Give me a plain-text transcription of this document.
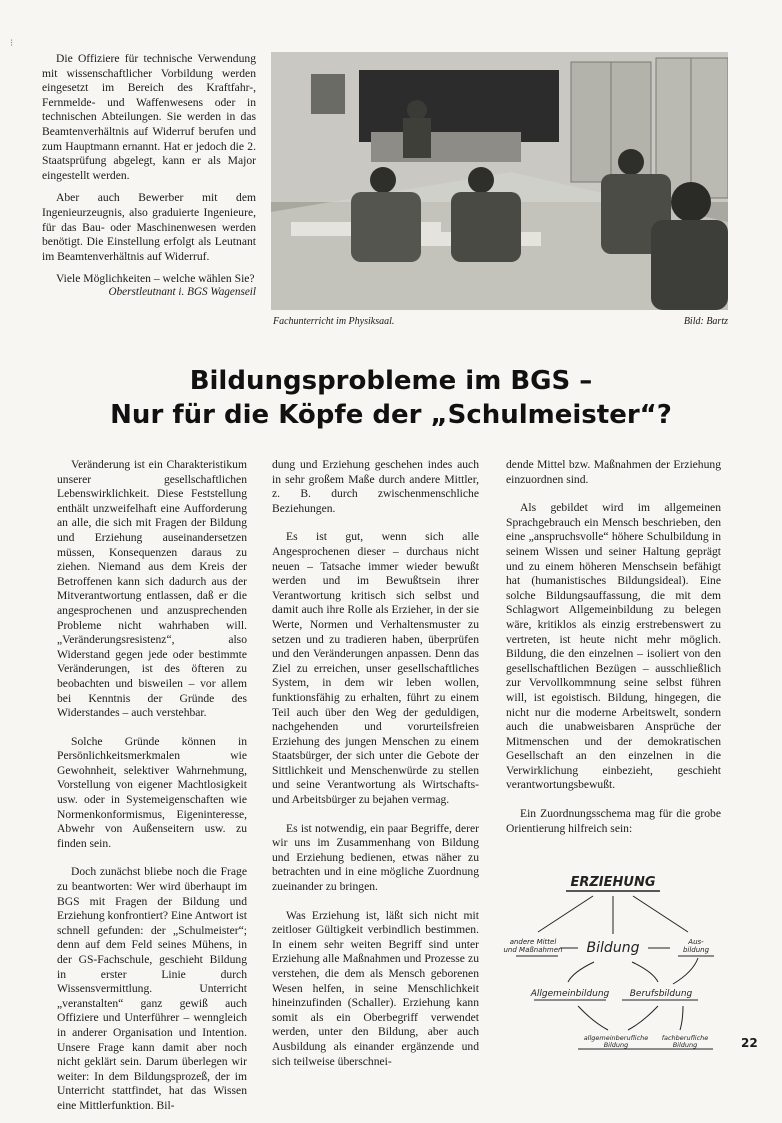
⁝

Die Offiziere für technische Verwendung mit wissenschaftlicher Vorbildung werden eingesetzt im Bereich des Kraftfahr-, Fernmelde- und Waffenwesens oder in technischen Abteilungen. Sie werden in das Beamtenverhältnis auf Widerruf berufen und zum Hauptmann ernannt. Hat er jedoch die 2. Staatsprüfung abgelegt, kann er als Major eingestellt werden.

Aber auch Bewerber mit dem Ingenieurzeugnis, also graduierte Ingenieure, für das Bau- oder Maschinenwesen werden benötigt. Die Einstellung erfolgt als Leutnant im Beamtenverhältnis auf Widerruf.

Viele Möglichkeiten – welche wählen Sie?

Oberstleutnant i. BGS Wagenseil
Fachunterricht im Physiksaal.	Bild: Bartz
Bildungsprobleme im BGS –
Nur für die Köpfe der „Schulmeister“?

Veränderung ist ein Charakteristikum unserer gesellschaftlichen Lebenswirklichkeit. Diese Feststellung enthält unzweifelhaft eine Aufforderung an alle, die sich mit Fragen der Bildung und Erziehung auseinandersetzen müssen, Konsequenzen daraus zu ziehen. Niemand aus dem Kreis der Betroffenen kann sich dadurch aus der Mitverantwortung entlassen, daß er die angesprochenen und anzusprechenden Probleme nicht wahrhaben will. „Veränderungsresistenz“, also Widerstand gegen jede oder bestimmte Veränderungen, ist des öfteren zu beobachten und bisweilen – vor allem bei Kenntnis der Gründe des Widerstandes – auch verstehbar.

Solche Gründe können in Persönlichkeitsmerkmalen wie Gewohnheit, selektiver Wahrnehmung, Vorstellung von eigener Machtlosigkeit usw. oder in Systemeigenschaften wie Normenkonformismus, Eigeninteresse, Abwehr von Außenseitern usw. zu finden sein.

Doch zunächst bliebe noch die Frage zu beantworten: Wer wird überhaupt im BGS mit Fragen der Bildung und Erziehung konfrontiert? Eine Antwort ist schnell gefunden: der „Schulmeister“; denn auf dem Feld seines Mühens, in der GS-Fachschule, geschieht Bildung in erster Linie durch Wissensvermittlung. Unterricht „veranstalten“ ganz gewiß auch Offiziere und Unterführer – wenngleich in anderer Organisation und Intention. Unsere Frage kann damit aber noch nicht geklärt sein. Darum überlegen wir weiter: In dem Bildungsprozeß, der im Unterricht stattfindet, hat das Wissen eine Mittlerfunktion. Bil-

dung und Erziehung geschehen indes auch in sehr großem Maße durch andere Mittler, z. B. durch zwischenmenschliche Beziehungen.

Es ist gut, wenn sich alle Angesprochenen dieser – durchaus nicht neuen – Tatsache immer wieder bewußt werden und im Bewußtsein ihrer Verantwortung kritisch sich selbst und damit auch ihre Rolle als Erzieher, in der sie Werte, Normen und Verhaltensmuster zu setzen und zu tradieren haben, überprüfen und den Veränderungen anpassen. Denn das Ziel zu erreichen, unser gesellschaftliches System, in dem wir leben wollen, funktionsfähig zu erhalten, führt zu einem Teil auch über den Weg der geduldigen, nachgehenden und vorurteilsfreien Erziehung des jungen Menschen zu einem Staatsbürger, der sich unter die Gebote der Sittlichkeit und Menschenwürde zu stellen und seine Verantwortung als Wirtschafts- und Arbeitsbürger zu bejahen vermag.

Es ist notwendig, ein paar Begriffe, derer wir uns im Zusammenhang von Bildung und Erziehung bedienen, etwas näher zu betrachten und in eine mögliche Zuordnung zueinander zu bringen.

Was Erziehung ist, läßt sich nicht mit zeitloser Gültigkeit verbindlich bestimmen. In einem sehr weiten Begriff sind unter Erziehung alle Maßnahmen und Prozesse zu verstehen, die dem als Mensch geborenen Wesen helfen, in seine Menschlichkeit hineinzufinden (Schaller). Erziehung kann somit als ein Oberbegriff verwendet werden, unter den Bildung, aber auch Ausbildung als einander ergänzende und sich teilweise überschnei-

dende Mittel bzw. Maßnahmen der Erziehung einzuordnen sind.

Als gebildet wird im allgemeinen Sprachgebrauch ein Mensch beschrieben, den eine „anspruchsvolle“ höhere Schulbildung in seinem Wissen und seiner Haltung geprägt und zu einem höheren Menschsein befähigt hat (humanistisches Bildungsideal). Eine solche Bildungsauffassung, die mit dem Schlagwort Allgemeinbildung zu belegen wäre, kritiklos als einzig erstrebenswert zu vertreten, ist heute nicht mehr möglich. Bildung, die den einzelnen – isoliert von den gesellschaftlichen Bezügen – ausschließlich zur Vervollkommnung seine selbst führen will, ist egoistisch. Bildung, hingegen, die nicht nur die moderne Arbeitswelt, sondern auch die unabweisbaren Ansprüche der Mitmenschen und der demokratischen Gesellschaft an den einzelnen in die Verwirklichung einbezieht, geschieht verantwortungsbewußt.

Ein Zuordnungsschema mag für die grobe Orientierung hilfreich sein:

ERZIEHUNG
andere Mittel
und Maßnahmen Bildung	Aus-
bildung
Allgemeinbildung Berufsbildung
allgemeinberufliche
Bildung
fachberufliche
Bildung	22
